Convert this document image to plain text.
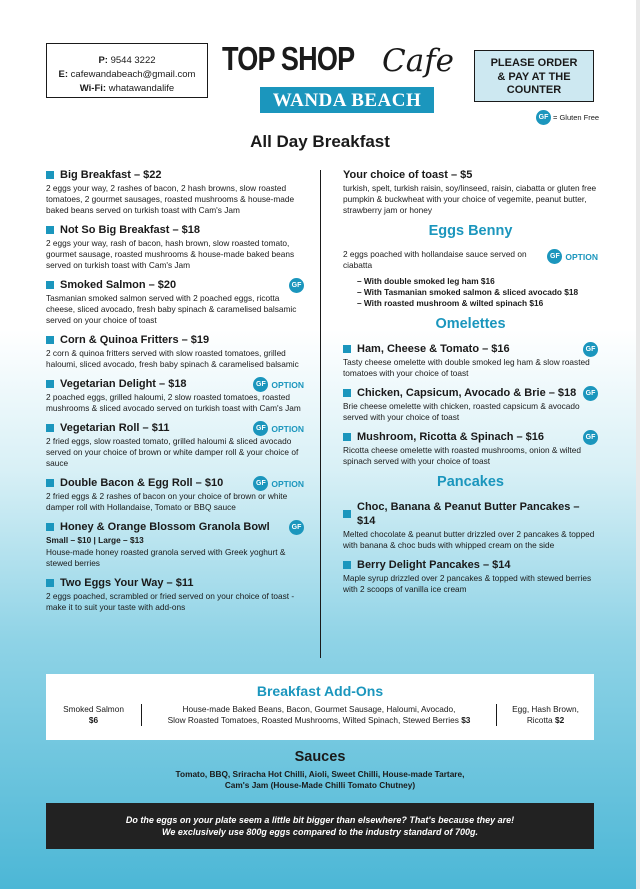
P: 9544 3222
E: cafewandabeach@gmail.com
Wi-Fi: whatawandalife
TOP SHOP Cafe
WANDA BEACH
PLEASE ORDER
& PAY AT THE
COUNTER
GF = Gluten Free
All Day Breakfast
Big Breakfast – $22
2 eggs your way, 2 rashes of bacon, 2 hash browns, slow roasted tomatoes, 2 gourmet sausages, roasted mushrooms & house-made baked beans served on turkish toast with Cam's Jam
Not So Big Breakfast – $18
2 eggs your way, rash of bacon, hash brown, slow roasted tomato, gourmet sausage, roasted mushrooms & house-made baked beans served on turkish toast with Cam's Jam
Smoked Salmon – $20	GF
Tasmanian smoked salmon served with 2 poached eggs, ricotta cheese, sliced avocado, fresh baby spinach & caramelised balsamic served on your choice of toast
Corn & Quinoa Fritters – $19
2 corn & quinoa fritters served with slow roasted tomatoes, grilled haloumi, sliced avocado, fresh baby spinach & caramelised balsamic
Vegetarian Delight – $18	GF OPTION
2 poached eggs, grilled haloumi, 2 slow roasted tomatoes, roasted mushrooms & sliced avocado served on turkish toast with Cam's Jam
Vegetarian Roll – $11	GF OPTION
2 fried eggs, slow roasted tomato, grilled haloumi & sliced avocado served on your choice of brown or white damper roll & your choice of sauce
Double Bacon & Egg Roll – $10	GF OPTION
2 fried eggs & 2 rashes of bacon on your choice of brown or white damper roll with Hollandaise, Tomato or BBQ sauce
Honey & Orange Blossom Granola Bowl	GF
Small – $10 | Large – $13
House-made honey roasted granola served with Greek yoghurt & stewed berries
Two Eggs Your Way – $11
2 eggs poached, scrambled or fried served on your choice of toast - make it to suit your taste with add-ons
Your choice of toast – $5
turkish, spelt, turkish raisin, soy/linseed, raisin, ciabatta or gluten free pumpkin & buckwheat with your choice of vegemite, peanut butter, strawberry jam or honey
Eggs Benny
2 eggs poached with hollandaise sauce served on ciabatta
GF OPTION
– With double smoked leg ham $16
– With Tasmanian smoked salmon & sliced avocado $18
– With roasted mushroom & wilted spinach $16
Omelettes
Ham, Cheese & Tomato – $16	GF
Tasty cheese omelette with double smoked leg ham & slow roasted tomatoes with your choice of toast
Chicken, Capsicum, Avocado & Brie – $18	GF
Brie cheese omelette with chicken, roasted capsicum & avocado served with your choice of toast
Mushroom, Ricotta & Spinach – $16	GF
Ricotta cheese omelette with roasted mushrooms, onion & wilted spinach served with your choice of toast
Pancakes
Choc, Banana & Peanut Butter Pancakes – $14
Melted chocolate & peanut butter drizzled over 2 pancakes & topped with banana & choc buds with whipped cream on the side
Berry Delight Pancakes – $14
Maple syrup drizzled over 2 pancakes & topped with stewed berries with 2 scoops of vanilla ice cream
Breakfast Add-Ons
Smoked Salmon
$6
House-made Baked Beans, Bacon, Gourmet Sausage, Haloumi, Avocado,
Slow Roasted Tomatoes, Roasted Mushrooms, Wilted Spinach, Stewed Berries $3
Egg, Hash Brown,
Ricotta $2
Sauces
Tomato, BBQ, Sriracha Hot Chilli, Aioli, Sweet Chilli, House-made Tartare,
Cam's Jam (House-Made Chilli Tomato Chutney)
Do the eggs on your plate seem a little bit bigger than elsewhere? That's because they are!
We exclusively use 800g eggs compared to the industry standard of 700g.
